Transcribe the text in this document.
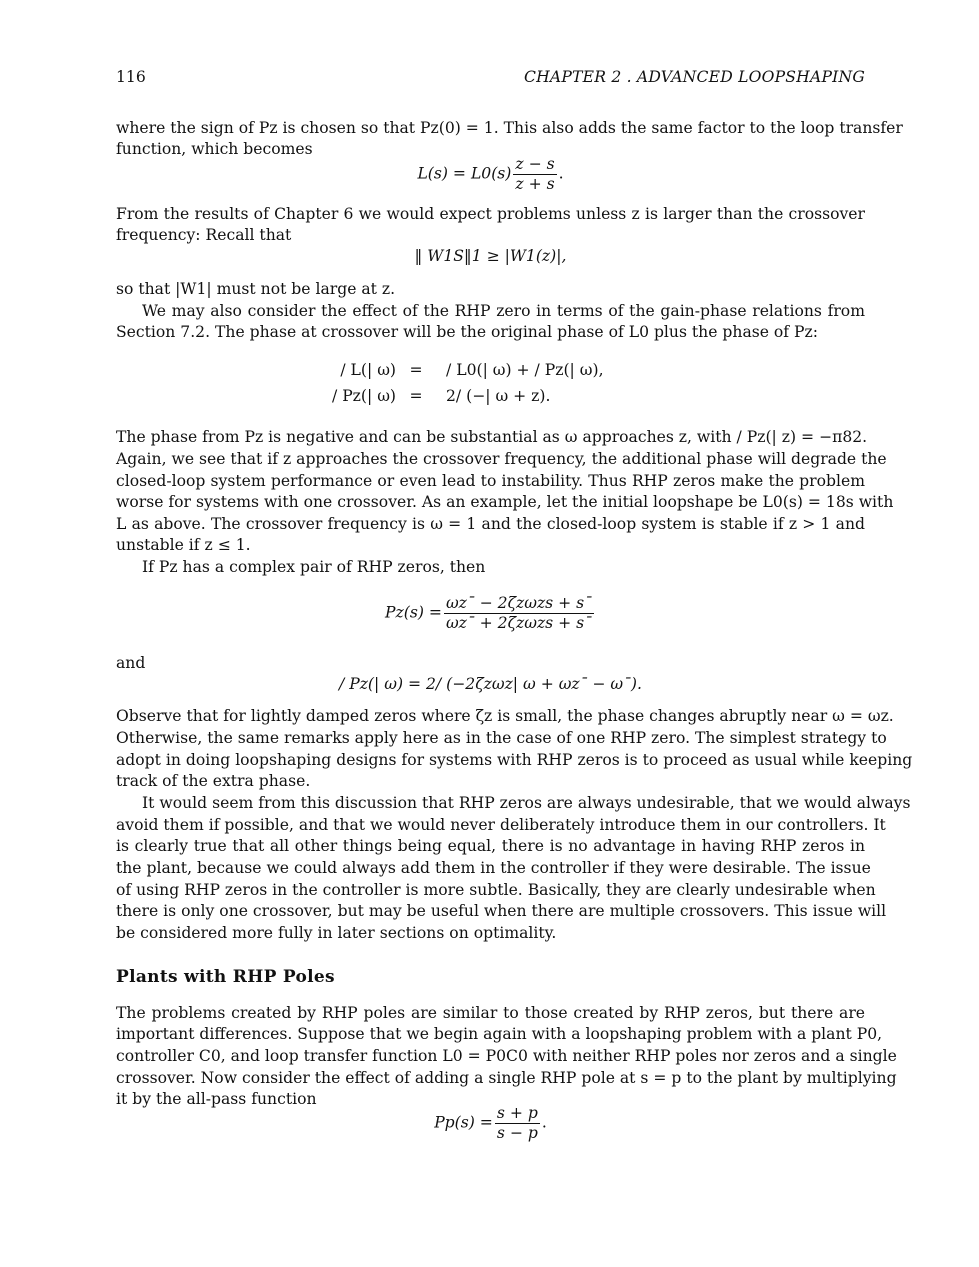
116	CHAPTER 2 . ADVANCED LOOPSHAPING
where the sign of Pz is chosen so that Pz(0) = 1. This also adds the same factor to the loop transfer
function, which becomes
$L(s) = L0(s) \frac{z - s}{z + s}$ .
From the results of Chapter 6 we would expect problems unless z is larger than the crossover
frequency: Recall that
‖ W1S‖1 ≥ |W1(z)|,
so that |W1| must not be large at z.
We may also consider the effect of the RHP zero in terms of the gain-phase relations from
Section 7.2. The phase at crossover will be the original phase of L0 plus the phase of Pz:
/ L(| ω) =	/ L0(| ω) + / Pz(| ω),
/ Pz(| ω) =	2/ (−| ω + z).
The phase from Pz is negative and can be substantial as ω approaches z, with / Pz(| z) = −π82.
Again, we see that if z approaches the crossover frequency, the additional phase will degrade the
closed-loop system performance or even lead to instability. Thus RHP zeros make the problem
worse for systems with one crossover. As an example, let the initial loopshape be L0(s) = 18s with
L as above. The crossover frequency is ω = 1 and the closed-loop system is stable if z > 1 and
unstable if z ≤ 1.
If Pz has a complex pair of RHP zeros, then
$Pz(s) = \frac{\text{ωz¯ − 2ζzωzs + s¯}}{\text{ωz¯ + 2ζzωzs + s¯}}$
and
/ Pz(| ω) = 2/ (−2ζzωz| ω + ωz¯ − ω¯).
Observe that for lightly damped zeros where ζz is small, the phase changes abruptly near ω = ωz.
Otherwise, the same remarks apply here as in the case of one RHP zero. The simplest strategy to
adopt in doing loopshaping designs for systems with RHP zeros is to proceed as usual while keeping
track of the extra phase.
It would seem from this discussion that RHP zeros are always undesirable, that we would always
avoid them if possible, and that we would never deliberately introduce them in our controllers. It
is clearly true that all other things being equal, there is no advantage in having RHP zeros in
the plant, because we could always add them in the controller if they were desirable. The issue
of using RHP zeros in the controller is more subtle. Basically, they are clearly undesirable when
there is only one crossover, but may be useful when there are multiple crossovers. This issue will
be considered more fully in later sections on optimality.
Plants with RHP Poles
The problems created by RHP poles are similar to those created by RHP zeros, but there are
important differences. Suppose that we begin again with a loopshaping problem with a plant P0,
controller C0, and loop transfer function L0 = P0C0 with neither RHP poles nor zeros and a single
crossover. Now consider the effect of adding a single RHP pole at s = p to the plant by multiplying
it by the all-pass function
$Pp(s) = \frac{s + p}{s - p}$ .
